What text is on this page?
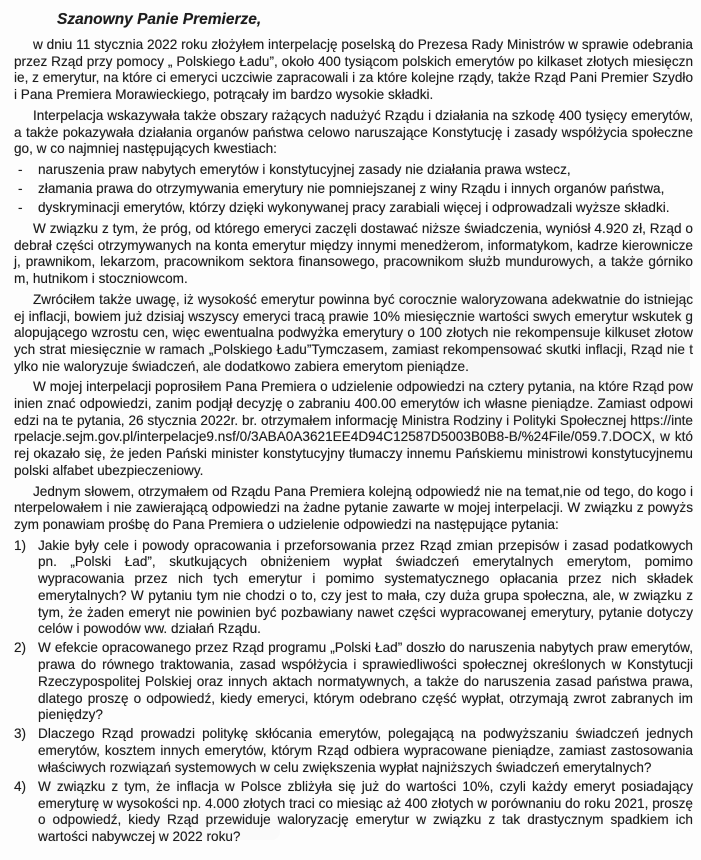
Szanowny Panie Premierze,

w dniu 11 stycznia 2022 roku złożyłem interpelację poselską do Prezesa Rady Ministrów w sprawie odebrania przez Rząd przy pomocy „ Polskiego Ładu”, około 400 tysiącom polskich emerytów po kilkaset złotych miesięcznie, z emerytur, na które ci emeryci uczciwie zapracowali i za które kolejne rządy, także Rząd Pani Premier Szydło i Pana Premiera Morawieckiego, potrącały im bardzo wysokie składki.

Interpelacja wskazywała także obszary rażących nadużyć Rządu i działania na szkodę 400 tysięcy emerytów, a także pokazywała działania organów państwa celowo naruszające Konstytucję i zasady współżycia społecznego, w co najmniej następujących kwestiach:

-	naruszenia praw nabytych emerytów i konstytucyjnej zasady nie działania prawa wstecz,
-	złamania prawa do otrzymywania emerytury nie pomniejszanej z winy Rządu i innych organów państwa,
-	dyskryminacji emerytów, którzy dzięki wykonywanej pracy zarabiali więcej i odprowadzali wyższe składki.

W związku z tym, że próg, od którego emeryci zaczęli dostawać niższe świadczenia, wyniósł 4.920 zł, Rząd odebrał części otrzymywanych na konta emerytur między innymi menedżerom, informatykom, kadrze kierowniczej, prawnikom, lekarzom, pracownikom sektora finansowego, pracownikom służb mundurowych, a także górnikom, hutnikom i stoczniowcom.

Zwróciłem także uwagę, iż wysokość emerytur powinna być corocznie waloryzowana adekwatnie do istniejącej inflacji, bowiem już dzisiaj wszyscy emeryci tracą prawie 10% miesięcznie wartości swych emerytur wskutek galopującego wzrostu cen, więc ewentualna podwyżka emerytury o 100 złotych nie rekompensuje kilkuset złotowych strat miesięcznie w ramach „Polskiego Ładu”Tymczasem, zamiast rekompensować skutki inflacji, Rząd nie tylko nie waloryzuje świadczeń, ale dodatkowo zabiera emerytom pieniądze.

W mojej interpelacji poprosiłem Pana Premiera o udzielenie odpowiedzi na cztery pytania, na które Rząd powinien znać odpowiedzi, zanim podjął decyzję o zabraniu 400.00 emerytów ich własne pieniądze. Zamiast odpowiedzi na te pytania, 26 stycznia 2022r. br. otrzymałem informację Ministra Rodziny i Polityki Społecznej https://interpelacje.sejm.gov.pl/interpelacje9.nsf/0/3ABA0A3621EE4D94C12587D5003B0B8-B/%24File/059.7.DOCX, w której okazało się, że jeden Pański minister konstytucyjny tłumaczy innemu Pańskiemu ministrowi konstytucyjnemu polski alfabet ubezpieczeniowy.

Jednym słowem, otrzymałem od Rządu Pana Premiera kolejną odpowiedź nie na temat,nie od tego, do kogo interpelowałem i nie zawierającą odpowiedzi na żadne pytanie zawarte w mojej interpelacji. W związku z powyższym ponawiam prośbę do Pana Premiera o udzielenie odpowiedzi na następujące pytania:

1) Jakie były cele i powody opracowania i przeforsowania przez Rząd zmian przepisów i zasad podatkowych pn. „Polski Ład”, skutkujących obniżeniem wypłat świadczeń emerytalnych emerytom, pomimo wypracowania przez nich tych emerytur i pomimo systematycznego opłacania przez nich składek emerytalnych? W pytaniu tym nie chodzi o to, czy jest to mała, czy duża grupa społeczna, ale, w związku z tym, że żaden emeryt nie powinien być pozbawiany nawet części wypracowanej emerytury, pytanie dotyczy celów i powodów ww. działań Rządu.
2) W efekcie opracowanego przez Rząd programu „Polski Ład” doszło do naruszenia nabytych praw emerytów, prawa do równego traktowania, zasad współżycia i sprawiedliwości społecznej określonych w Konstytucji Rzeczypospolitej Polskiej oraz innych aktach normatywnych, a także do naruszenia zasad państwa prawa, dlatego proszę o odpowiedź, kiedy emeryci, którym odebrano część wypłat, otrzymają zwrot zabranych im pieniędzy?
3) Dlaczego Rząd prowadzi politykę skłócania emerytów, polegającą na podwyższaniu świadczeń jednych emerytów, kosztem innych emerytów, którym Rząd odbiera wypracowane pieniądze, zamiast zastosowania właściwych rozwiązań systemowych w celu zwiększenia wypłat najniższych świadczeń emerytalnych?
4) W związku z tym, że inflacja w Polsce zbliżyła się już do wartości 10%, czyli każdy emeryt posiadający emeryturę w wysokości np. 4.000 złotych traci co miesiąc aż 400 złotych w porównaniu do roku 2021, proszę o odpowiedź, kiedy Rząd przewiduje waloryzację emerytur w związku z tak drastycznym spadkiem ich wartości nabywczej w 2022 roku?
